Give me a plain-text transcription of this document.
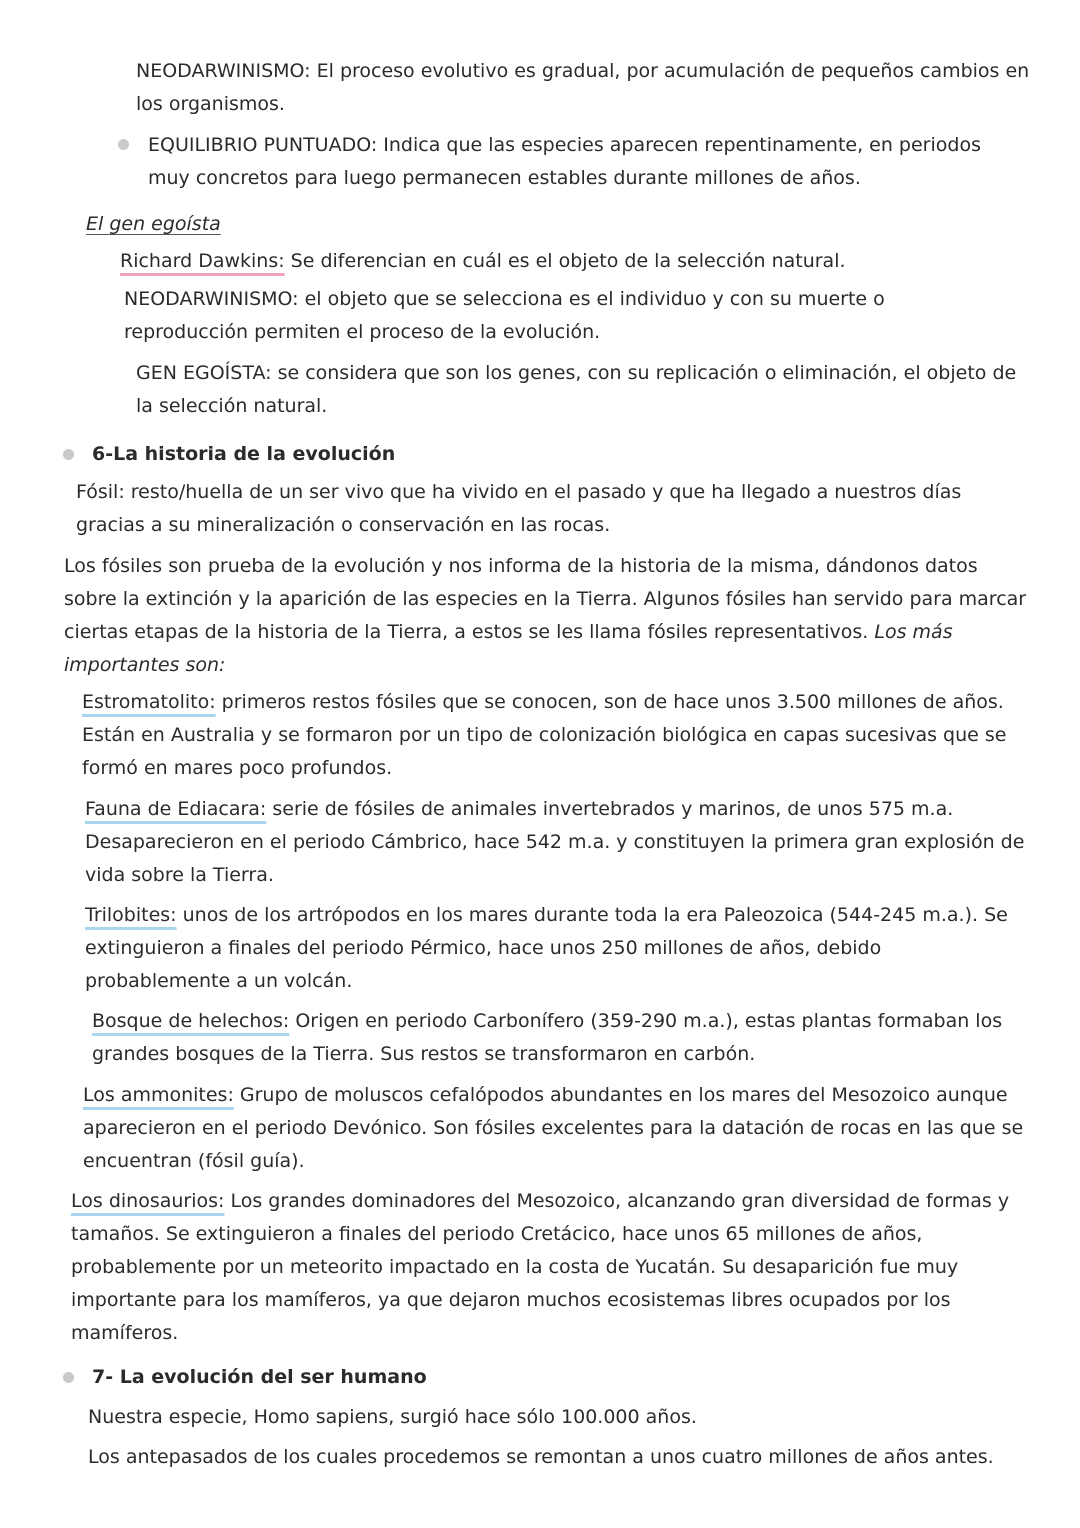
NEODARWINISMO: El proceso evolutivo es gradual, por acumulación de pequeños cambios en los organismos.
EQUILIBRIO PUNTUADO: Indica que las especies aparecen repentinamente, en periodos muy concretos para luego permanecen estables durante millones de años.
El gen egoísta
Richard Dawkins: Se diferencian en cuál es el objeto de la selección natural.
NEODARWINISMO: el objeto que se selecciona es el individuo y con su muerte o reproducción permiten el proceso de la evolución.
GEN EGOÍSTA: se considera que son los genes, con su replicación o eliminación, el objeto de la selección natural.
6-La historia de la evolución
Fósil: resto/huella de un ser vivo que ha vivido en el pasado y que ha llegado a nuestros días gracias a su mineralización o conservación en las rocas.
Los fósiles son prueba de la evolución y nos informa de la historia de la misma, dándonos datos sobre la extinción y la aparición de las especies en la Tierra. Algunos fósiles han servido para marcar ciertas etapas de la historia de la Tierra, a estos se les llama fósiles representativos. Los más importantes son:
Estromatolito: primeros restos fósiles que se conocen, son de hace unos 3.500 millones de años. Están en Australia y se formaron por un tipo de colonización biológica en capas sucesivas que se formó en mares poco profundos.
Fauna de Ediacara: serie de fósiles de animales invertebrados y marinos, de unos 575 m.a. Desaparecieron en el periodo Cámbrico, hace 542 m.a. y constituyen la primera gran explosión de vida sobre la Tierra.
Trilobites: unos de los artrópodos en los mares durante toda la era Paleozoica (544-245 m.a.). Se extinguieron a finales del periodo Pérmico, hace unos 250 millones de años, debido probablemente a un volcán.
Bosque de helechos: Origen en periodo Carbonífero (359-290 m.a.), estas plantas formaban los grandes bosques de la Tierra. Sus restos se transformaron en carbón.
Los ammonites: Grupo de moluscos cefalópodos abundantes en los mares del Mesozoico aunque aparecieron en el periodo Devónico. Son fósiles excelentes para la datación de rocas en las que se encuentran (fósil guía).
Los dinosaurios: Los grandes dominadores del Mesozoico, alcanzando gran diversidad de formas y tamaños. Se extinguieron a finales del periodo Cretácico, hace unos 65 millones de años, probablemente por un meteorito impactado en la costa de Yucatán. Su desaparición fue muy importante para los mamíferos, ya que dejaron muchos ecosistemas libres ocupados por los mamíferos.
7- La evolución del ser humano
Nuestra especie, Homo sapiens, surgió hace sólo 100.000 años.
Los antepasados de los cuales procedemos se remontan a unos cuatro millones de años antes.
